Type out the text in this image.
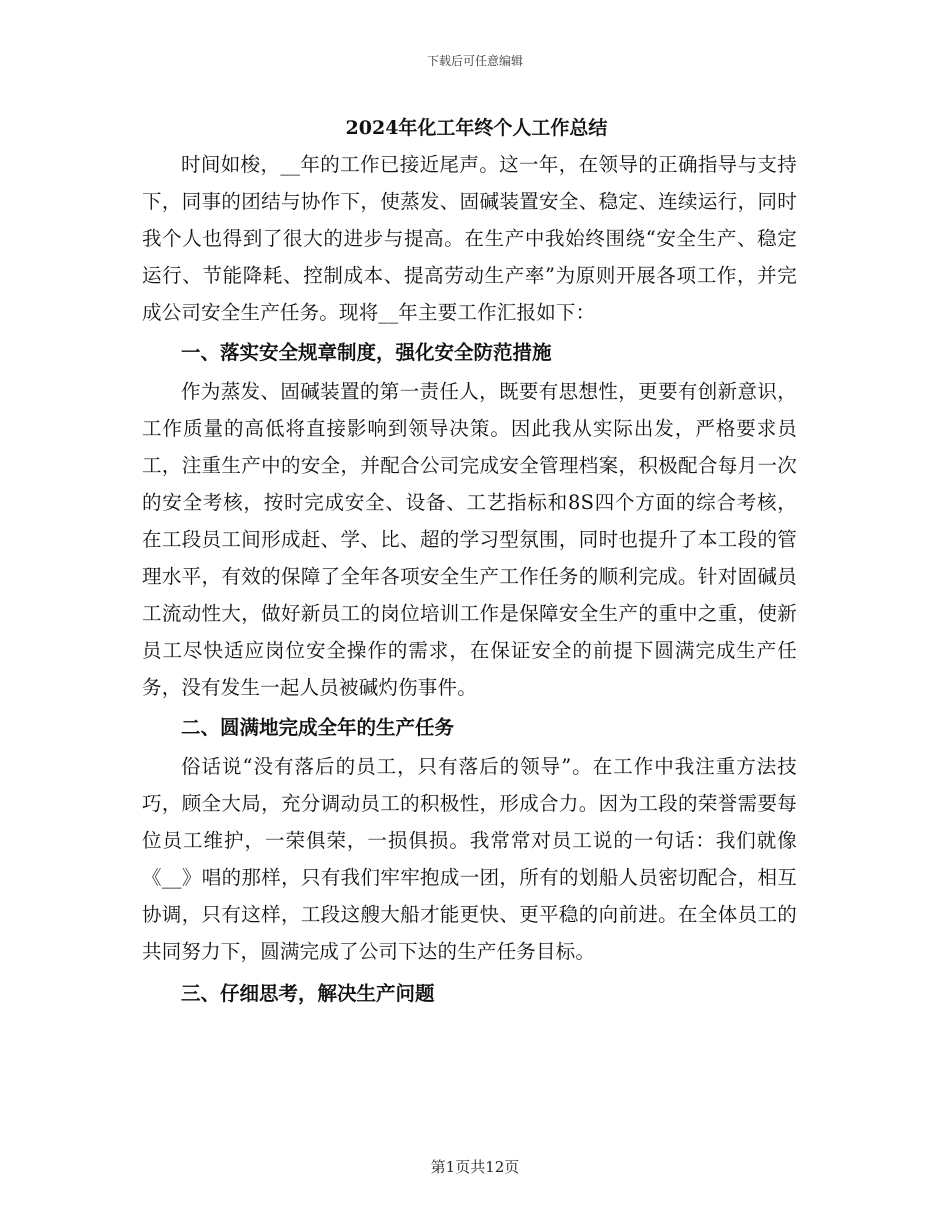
下载后可任意编辑
2024年化工年终个人工作总结

时间如梭，__年的工作已接近尾声。这一年，在领导的正确指导与支持下，同事的团结与协作下，使蒸发、固碱装置安全、稳定、连续运行，同时我个人也得到了很大的进步与提高。在生产中我始终围绕“安全生产、稳定运行、节能降耗、控制成本、提高劳动生产率”为原则开展各项工作，并完成公司安全生产任务。现将__年主要工作汇报如下：

一、落实安全规章制度，强化安全防范措施

作为蒸发、固碱装置的第一责任人，既要有思想性，更要有创新意识，工作质量的高低将直接影响到领导决策。因此我从实际出发，严格要求员工，注重生产中的安全，并配合公司完成安全管理档案，积极配合每月一次的安全考核，按时完成安全、设备、工艺指标和8S四个方面的综合考核，在工段员工间形成赶、学、比、超的学习型氛围，同时也提升了本工段的管理水平，有效的保障了全年各项安全生产工作任务的顺利完成。针对固碱员工流动性大，做好新员工的岗位培训工作是保障安全生产的重中之重，使新员工尽快适应岗位安全操作的需求，在保证安全的前提下圆满完成生产任务，没有发生一起人员被碱灼伤事件。

二、圆满地完成全年的生产任务

俗话说“没有落后的员工，只有落后的领导”。在工作中我注重方法技巧，顾全大局，充分调动员工的积极性，形成合力。因为工段的荣誉需要每位员工维护，一荣俱荣，一损俱损。我常常对员工说的一句话：我们就像《__》唱的那样，只有我们牢牢抱成一团，所有的划船人员密切配合，相互协调，只有这样，工段这艘大船才能更快、更平稳的向前进。在全体员工的共同努力下，圆满完成了公司下达的生产任务目标。

三、仔细思考，解决生产问题

第1页共12页
